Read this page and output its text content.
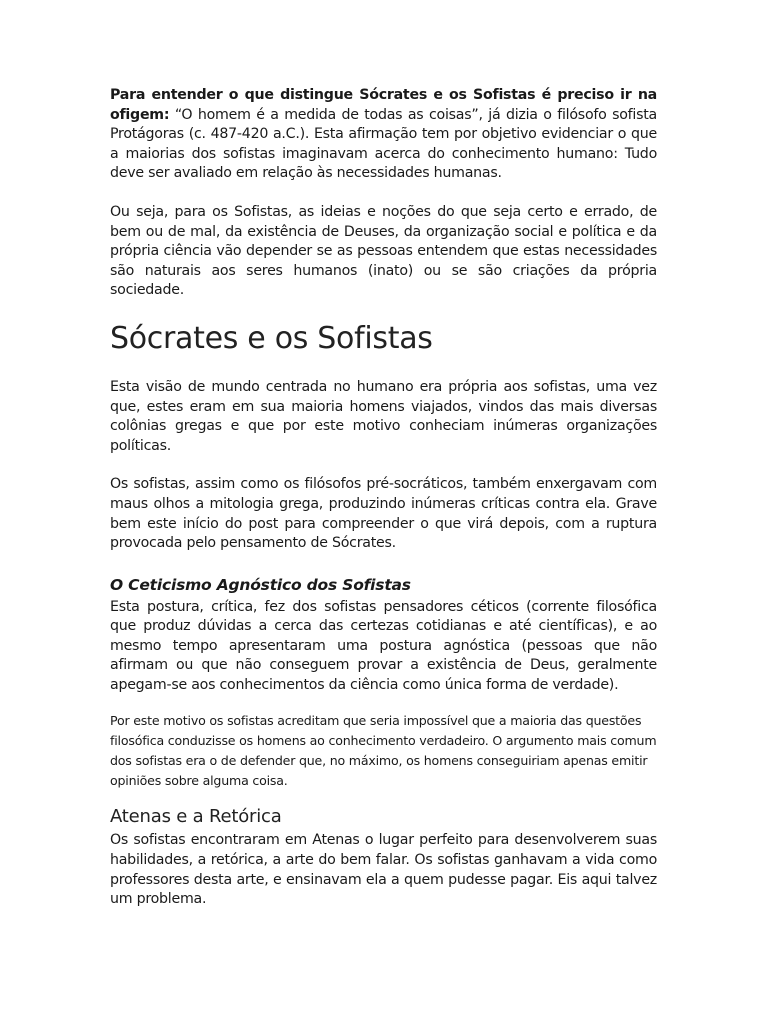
Para entender o que distingue Sócrates e os Sofistas é preciso ir na ofigem: “O homem é a medida de todas as coisas”, já dizia o filósofo sofista Protágoras (c. 487-420 a.C.). Esta afirmação tem por objetivo evidenciar o que a maiorias dos sofistas imaginavam acerca do conhecimento humano: Tudo deve ser avaliado em relação às necessidades humanas.

Ou seja, para os Sofistas, as ideias e noções do que seja certo e errado, de bem ou de mal, da existência de Deuses, da organização social e política e da própria ciência vão depender se as pessoas entendem que estas necessidades são naturais aos seres humanos (inato) ou se são criações da própria sociedade.

Sócrates e os Sofistas

Esta visão de mundo centrada no humano era própria aos sofistas, uma vez que, estes eram em sua maioria homens viajados, vindos das mais diversas colônias gregas e que por este motivo conheciam inúmeras organizações políticas.

Os sofistas, assim como os filósofos pré-socráticos, também enxergavam com maus olhos a mitologia grega, produzindo inúmeras críticas contra ela. Grave bem este início do post para compreender o que virá depois, com a ruptura provocada pelo pensamento de Sócrates.

O Ceticismo Agnóstico dos Sofistas

Esta postura, crítica, fez dos sofistas pensadores céticos (corrente filosófica que produz dúvidas a cerca das certezas cotidianas e até científicas), e ao mesmo tempo apresentaram uma postura agnóstica (pessoas que não afirmam ou que não conseguem provar a existência de Deus, geralmente apegam-se aos conhecimentos da ciência como única forma de verdade).

Por este motivo os sofistas acreditam que seria impossível que a maioria das questões filosófica conduzisse os homens ao conhecimento verdadeiro. O argumento mais comum dos sofistas era o de defender que, no máximo, os homens conseguiriam apenas emitir opiniões sobre alguma coisa.

Atenas e a Retórica

Os sofistas encontraram em Atenas o lugar perfeito para desenvolverem suas habilidades, a retórica, a arte do bem falar. Os sofistas ganhavam a vida como professores desta arte, e ensinavam ela a quem pudesse pagar. Eis aqui talvez um problema.
